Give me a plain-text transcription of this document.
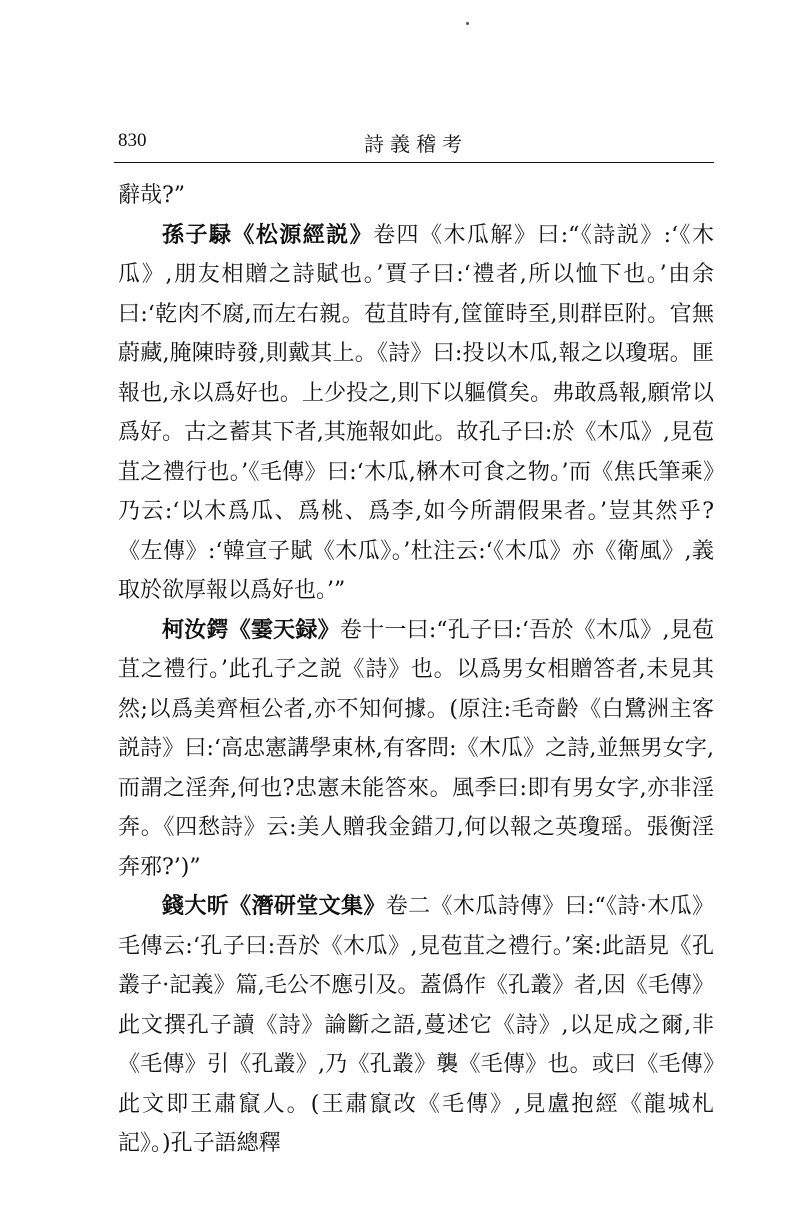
830	詩義稽考

辭哉?”

孫子騄《松源經説》卷四《木瓜解》曰:“《詩説》:‘《木瓜》,朋友相贈之詩賦也。’賈子曰:‘禮者,所以恤下也。’由余曰:‘乾肉不腐,而左右親。苞苴時有,筐篚時至,則群臣附。官無蔚藏,腌陳時發,則戴其上。《詩》曰:投以木瓜,報之以瓊琚。匪報也,永以爲好也。上少投之,則下以軀償矣。弗敢爲報,願常以爲好。古之蓄其下者,其施報如此。故孔子曰:於《木瓜》,見苞苴之禮行也。’《毛傳》曰:‘木瓜,楙木可食之物。’而《焦氏筆乘》乃云:‘以木爲瓜、爲桃、爲李,如今所謂假果者。’豈其然乎?《左傳》:‘韓宣子賦《木瓜》。’杜注云:‘《木瓜》亦《衛風》,義取於欲厚報以爲好也。’”

柯汝鍔《霎天録》卷十一曰:“孔子曰:‘吾於《木瓜》,見苞苴之禮行。’此孔子之説《詩》也。以爲男女相贈答者,未見其然;以爲美齊桓公者,亦不知何據。(原注:毛奇齡《白鷺洲主客説詩》曰:‘高忠憲講學東林,有客問:《木瓜》之詩,並無男女字,而謂之淫奔,何也?忠憲未能答來。風季曰:即有男女字,亦非淫奔。《四愁詩》云:美人贈我金錯刀,何以報之英瓊瑶。張衡淫奔邪?’)”

錢大昕《潛研堂文集》卷二《木瓜詩傳》曰:“《詩·木瓜》毛傳云:‘孔子曰:吾於《木瓜》,見苞苴之禮行。’案:此語見《孔叢子·記義》篇,毛公不應引及。蓋僞作《孔叢》者,因《毛傳》此文撰孔子讀《詩》論斷之語,蔓述它《詩》,以足成之爾,非《毛傳》引《孔叢》,乃《孔叢》襲《毛傳》也。或曰《毛傳》此文即王肅竄人。(王肅竄改《毛傳》,見盧抱經《龍城札記》。)孔子語總釋
